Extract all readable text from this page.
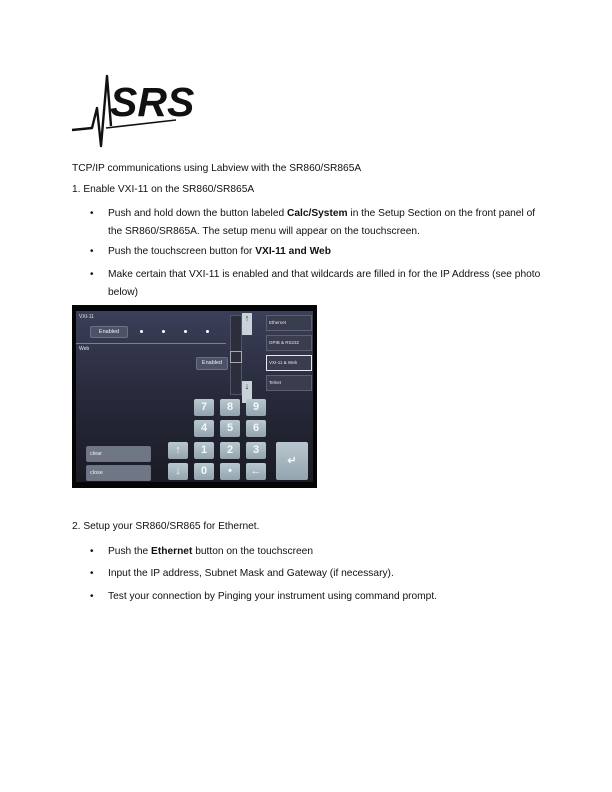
SRS
TCP/IP communications using Labview with the SR860/SR865A
1. Enable VXI-11 on the SR860/SR865A
• Push and hold down the button labeled Calc/System in the Setup Section on the front panel of
the SR860/SR865A. The setup menu will appear on the touchscreen.
• Push the touchscreen button for VXI-11 and Web
• Make certain that VXI-11 is enabled and that wildcards are filled in for the IP Address (see photo
below)
VXI-11
Enabled
Web
Enabled
↑
↓
Ethernet
GPIB & RS232
VXI-11 & Web
Telnet
7	8	9
4	5	6
↑	1	2	3
↓	0	•	←
↵
clear
close
2. Setup your SR860/SR865 for Ethernet.
• Push the Ethernet button on the touchscreen
• Input the IP address, Subnet Mask and Gateway (if necessary).
• Test your connection by Pinging your instrument using command prompt.
